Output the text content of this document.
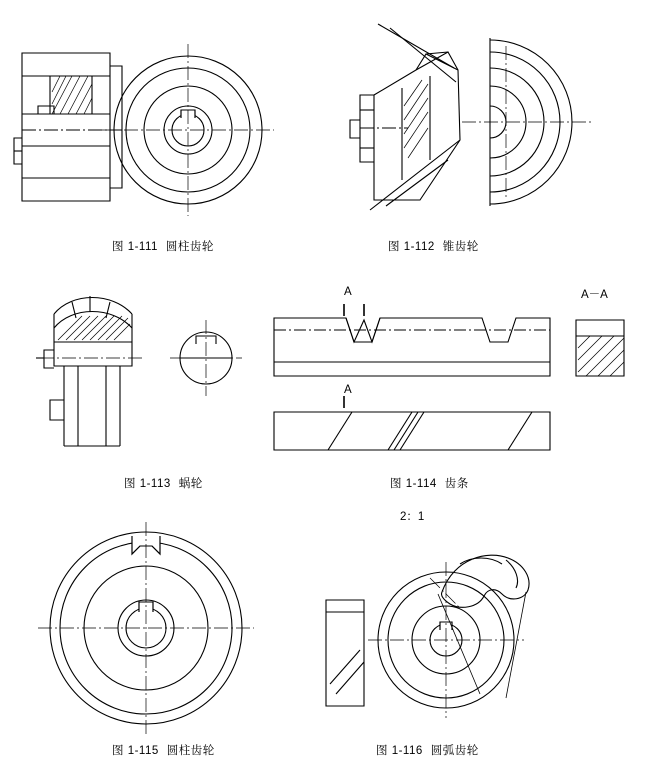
图 1-111 圆柱齿轮	图 1-112 锥齿轮
图 1-113 蜗轮
A
A
A－A
图 1-114 齿条
2：1
图 1-115 圆柱齿轮	图 1-116 圆弧齿轮
